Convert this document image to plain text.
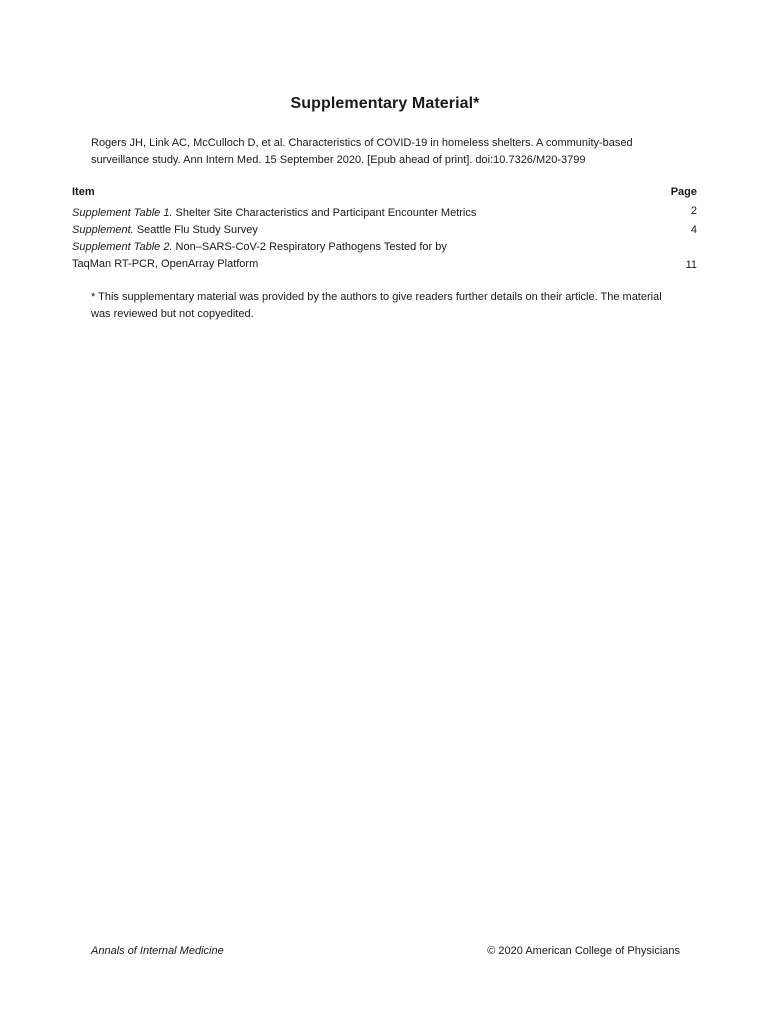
Supplementary Material*
Rogers JH, Link AC, McCulloch D, et al. Characteristics of COVID-19 in homeless shelters. A community-based surveillance study. Ann Intern Med. 15 September 2020. [Epub ahead of print]. doi:10.7326/M20-3799
Item	Page
Supplement Table 1. Shelter Site Characteristics and Participant Encounter Metrics	2
Supplement. Seattle Flu Study Survey	4
Supplement Table 2. Non–SARS-CoV-2 Respiratory Pathogens Tested for by
TaqMan RT-PCR, OpenArray Platform	11
* This supplementary material was provided by the authors to give readers further details on their article. The material was reviewed but not copyedited.
Annals of Internal Medicine	© 2020 American College of Physicians
